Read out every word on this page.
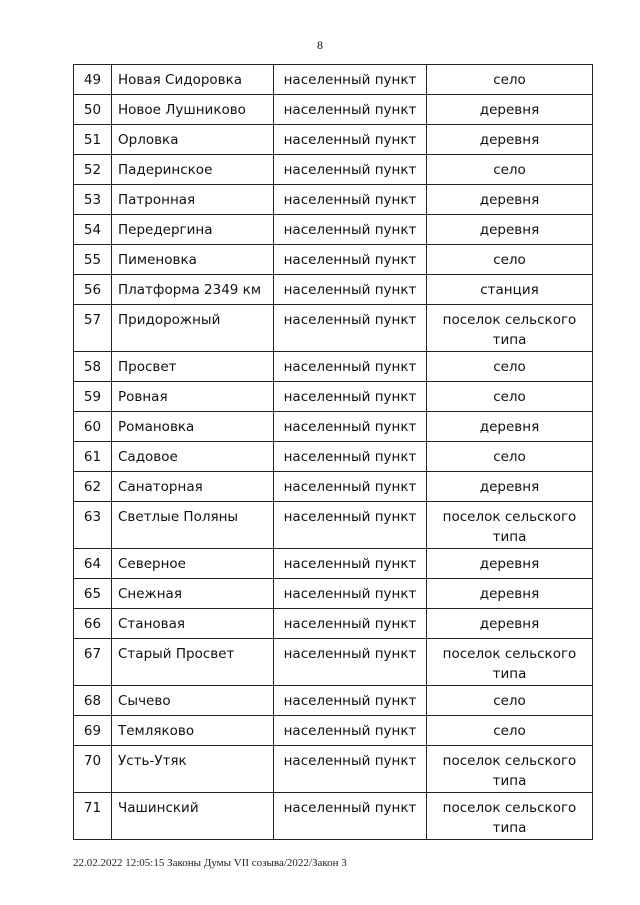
8
49	Новая Сидоровка	населенный пункт	село
50	Новое Лушниково	населенный пункт	деревня
51	Орловка	населенный пункт	деревня
52	Падеринское	населенный пункт	село
53	Патронная	населенный пункт	деревня
54	Передергина	населенный пункт	деревня
55	Пименовка	населенный пункт	село
56	Платформа 2349 км	населенный пункт	станция
57	Придорожный	населенный пункт	поселок сельского типа
58	Просвет	населенный пункт	село
59	Ровная	населенный пункт	село
60	Романовка	населенный пункт	деревня
61	Садовое	населенный пункт	село
62	Санаторная	населенный пункт	деревня
63	Светлые Поляны	населенный пункт	поселок сельского типа
64	Северное	населенный пункт	деревня
65	Снежная	населенный пункт	деревня
66	Становая	населенный пункт	деревня
67	Старый Просвет	населенный пункт	поселок сельского типа
68	Сычево	населенный пункт	село
69	Темляково	населенный пункт	село
70	Усть-Утяк	населенный пункт	поселок сельского типа
71	Чашинский	населенный пункт	поселок сельского типа
22.02.2022 12:05:15 Законы Думы VII созыва/2022/Закон 3
